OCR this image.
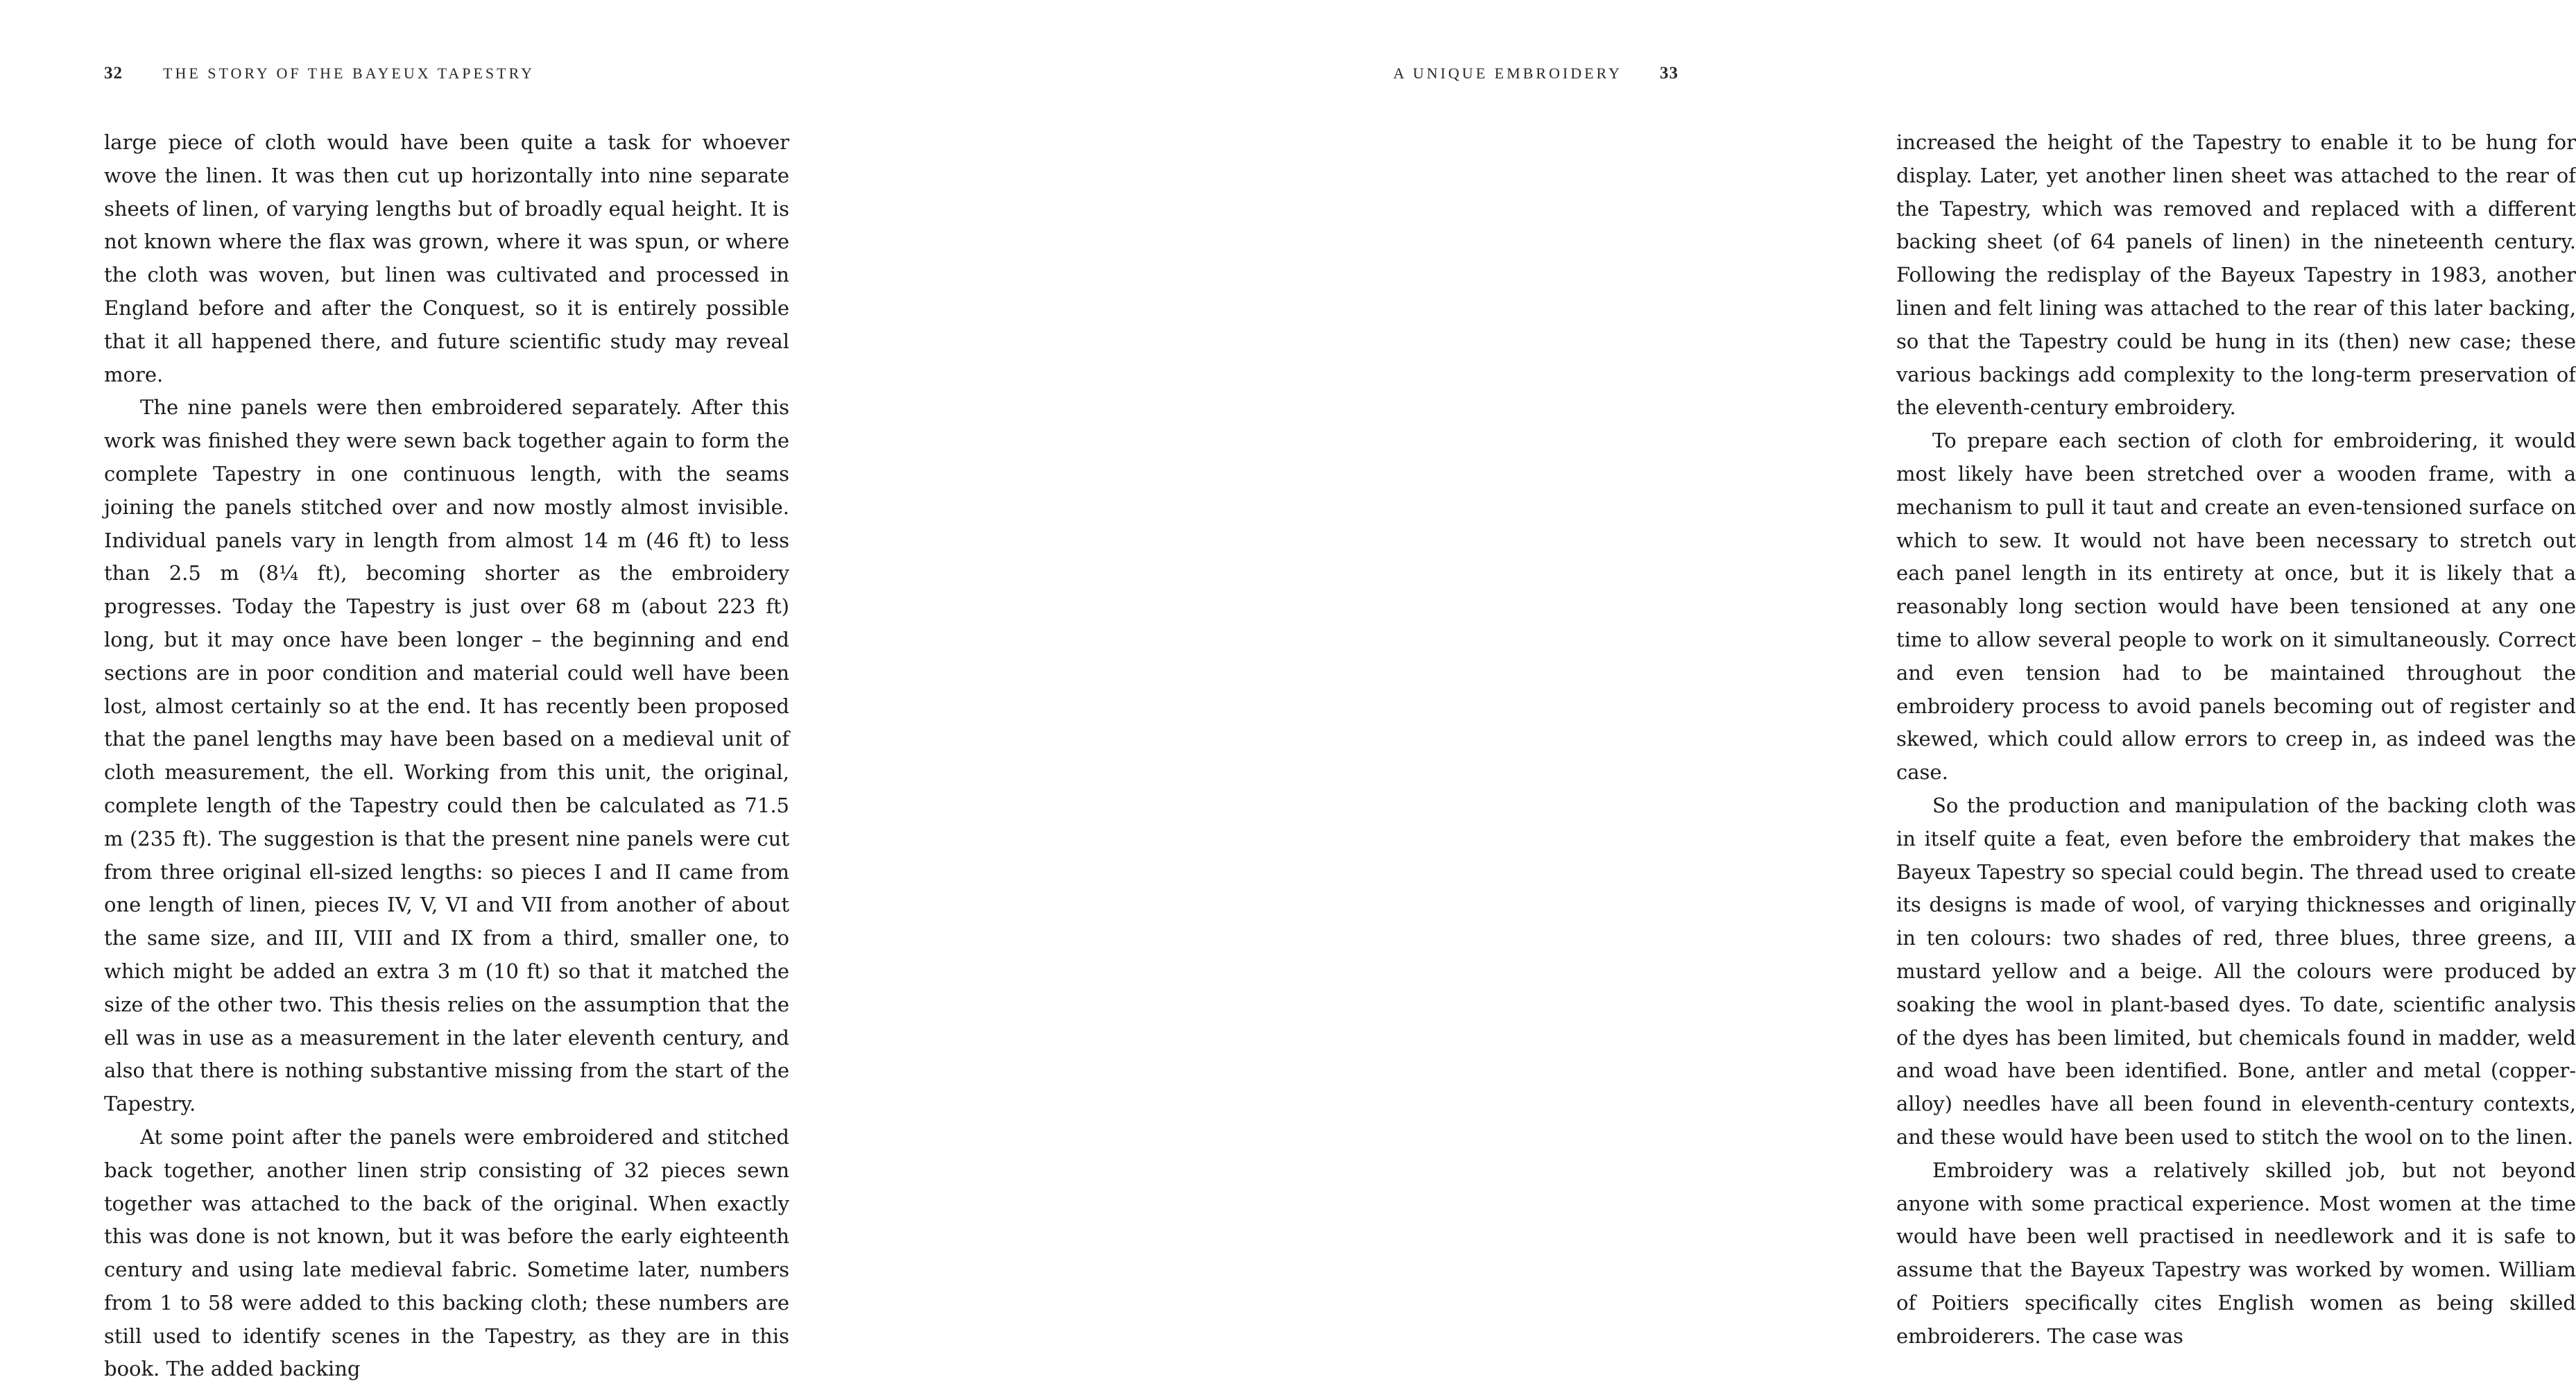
32	THE STORY OF THE BAYEUX TAPESTRY

large piece of cloth would have been quite a task for whoever wove the linen. It was then cut up horizontally into nine separate sheets of linen, of varying lengths but of broadly equal height. It is not known where the flax was grown, where it was spun, or where the cloth was woven, but linen was cultivated and processed in England before and after the Conquest, so it is entirely possible that it all happened there, and future scientific study may reveal more.

The nine panels were then embroidered separately. After this work was finished they were sewn back together again to form the complete Tapestry in one continuous length, with the seams joining the panels stitched over and now mostly almost invisible. Individual panels vary in length from almost 14 m (46 ft) to less than 2.5 m (8¼ ft), becoming shorter as the embroidery progresses. Today the Tapestry is just over 68 m (about 223 ft) long, but it may once have been longer – the beginning and end sections are in poor condition and material could well have been lost, almost certainly so at the end. It has recently been proposed that the panel lengths may have been based on a medieval unit of cloth measurement, the ell. Working from this unit, the original, complete length of the Tapestry could then be calculated as 71.5 m (235 ft). The suggestion is that the present nine panels were cut from three original ell-sized lengths: so pieces I and II came from one length of linen, pieces IV, V, VI and VII from another of about the same size, and III, VIII and IX from a third, smaller one, to which might be added an extra 3 m (10 ft) so that it matched the size of the other two. This thesis relies on the assumption that the ell was in use as a measurement in the later eleventh century, and also that there is nothing substantive missing from the start of the Tapestry.

At some point after the panels were embroidered and stitched back together, another linen strip consisting of 32 pieces sewn together was attached to the back of the original. When exactly this was done is not known, but it was before the early eighteenth century and using late medieval fabric. Sometime later, numbers from 1 to 58 were added to this backing cloth; these numbers are still used to identify scenes in the Tapestry, as they are in this book. The added backing

A UNIQUE EMBROIDERY 33

increased the height of the Tapestry to enable it to be hung for display. Later, yet another linen sheet was attached to the rear of the Tapestry, which was removed and replaced with a different backing sheet (of 64 panels of linen) in the nineteenth century. Following the redisplay of the Bayeux Tapestry in 1983, another linen and felt lining was attached to the rear of this later backing, so that the Tapestry could be hung in its (then) new case; these various backings add complexity to the long-term preservation of the eleventh-century embroidery.

To prepare each section of cloth for embroidering, it would most likely have been stretched over a wooden frame, with a mechanism to pull it taut and create an even-tensioned surface on which to sew. It would not have been necessary to stretch out each panel length in its entirety at once, but it is likely that a reasonably long section would have been tensioned at any one time to allow several people to work on it simultaneously. Correct and even tension had to be maintained throughout the embroidery process to avoid panels becoming out of register and skewed, which could allow errors to creep in, as indeed was the case.

So the production and manipulation of the backing cloth was in itself quite a feat, even before the embroidery that makes the Bayeux Tapestry so special could begin. The thread used to create its designs is made of wool, of varying thicknesses and originally in ten colours: two shades of red, three blues, three greens, a mustard yellow and a beige. All the colours were produced by soaking the wool in plant-based dyes. To date, scientific analysis of the dyes has been limited, but chemicals found in madder, weld and woad have been identified. Bone, antler and metal (copper-alloy) needles have all been found in eleventh-century contexts, and these would have been used to stitch the wool on to the linen.

Embroidery was a relatively skilled job, but not beyond anyone with some practical experience. Most women at the time would have been well practised in needlework and it is safe to assume that the Bayeux Tapestry was worked by women. William of Poitiers specifically cites English women as being skilled embroiderers. The case was
